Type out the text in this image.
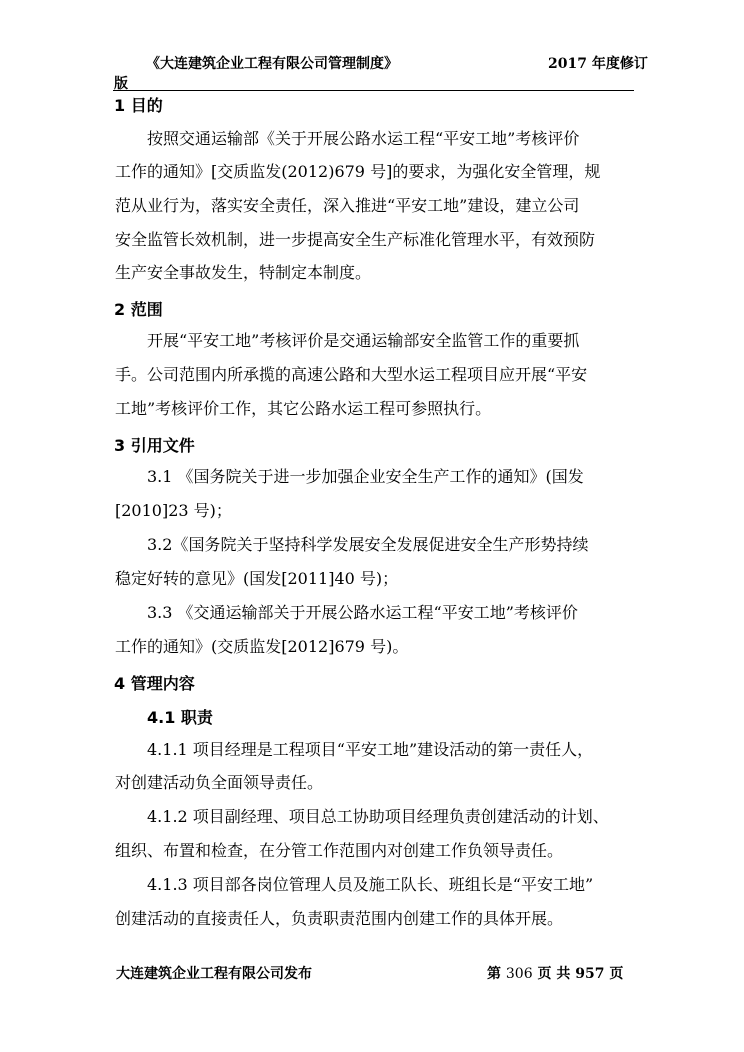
《大连建筑企业工程有限公司管理制度》	2017 年度修订
版
1 目的
按照交通运输部《关于开展公路水运工程“平安工地”考核评价
工作的通知》[交质监发(2012)679 号]的要求，为强化安全管理，规
范从业行为，落实安全责任，深入推进“平安工地”建设，建立公司
安全监管长效机制，进一步提高安全生产标准化管理水平，有效预防
生产安全事故发生，特制定本制度。
2 范围
开展“平安工地”考核评价是交通运输部安全监管工作的重要抓
手。公司范围内所承揽的高速公路和大型水运工程项目应开展“平安
工地”考核评价工作，其它公路水运工程可参照执行。
3 引用文件
3.1 《国务院关于进一步加强企业安全生产工作的通知》(国发
[2010]23 号)；
3.2《国务院关于坚持科学发展安全发展促进安全生产形势持续
稳定好转的意见》(国发[2011]40 号)；
3.3 《交通运输部关于开展公路水运工程“平安工地”考核评价
工作的通知》(交质监发[2012]679 号)。
4 管理内容
4.1 职责
4.1.1 项目经理是工程项目“平安工地”建设活动的第一责任人，
对创建活动负全面领导责任。
4.1.2 项目副经理、项目总工协助项目经理负责创建活动的计划、
组织、布置和检查，在分管工作范围内对创建工作负领导责任。
4.1.3 项目部各岗位管理人员及施工队长、班组长是“平安工地”
创建活动的直接责任人，负责职责范围内创建工作的具体开展。
大连建筑企业工程有限公司发布	第 306 页 共 957 页
